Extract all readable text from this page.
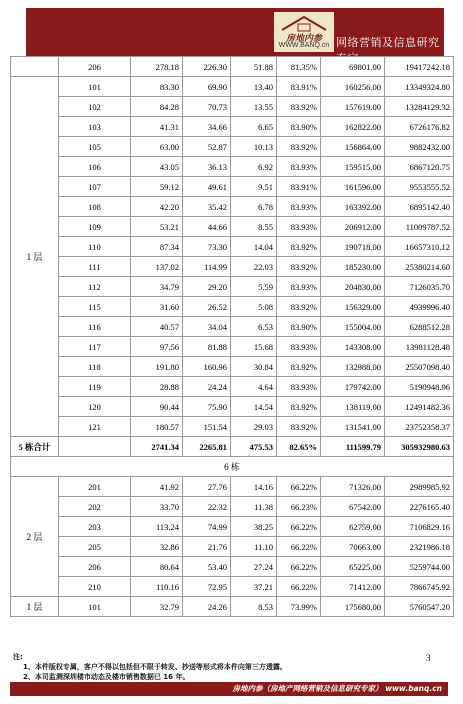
房地内参
WWW.BANQ.cn 网络营销及信息研究专家
	206	278.18	226.30	51.88	81.35%	69801.00	19417242.18
1 层	101	83.30	69.90	13.40	83.91%	160256.00	13349324.80
	102	84.28	70.73	13.55	83.92%	157619.00	13284129.32
	103	41.31	34.66	6.65	83.90%	162822.00	6726176.82
	105	63.00	52.87	10.13	83.92%	156864.00	9882432.00
	106	43.05	36.13	6.92	83.93%	159515.00	6867120.75
	107	59.12	49.61	9.51	83.91%	161596.00	9553555.52
	108	42.20	35.42	6.78	83.93%	163392.00	6895142.40
	109	53.21	44.66	8.55	83.93%	206912.00	11009787.52
	110	87.34	73.30	14.04	83.92%	190718.00	16657310.12
	111	137.02	114.99	22.03	83.92%	185230.00	25380214.60
	112	34.79	29.20	5.59	83.93%	204830.00	7126035.70
	115	31.60	26.52	5.08	83.92%	156329.00	4939996.40
	116	40.57	34.04	6.53	83.90%	155004.00	6288512.28
	117	97.56	81.88	15.68	83.93%	143308.00	13981128.48
	118	191.80	160.96	30.84	83.92%	132988.00	25507098.40
	119	28.88	24.24	4.64	83.93%	179742.00	5190948.96
	120	90.44	75.90	14.54	83.92%	138119.00	12491482.36
	121	180.57	151.54	29.03	83.92%	131541.00	23752358.37
5 栋合计		2741.34	2265.81	475.53	82.65%	111599.79	305932980.63
6 栋							
2 层	201	41.92	27.76	14.16	66.22%	71326.00	2989985.92
	202	33.70	22.32	11.38	66.23%	67542.00	2276165.40
	203	113.24	74.99	38.25	66.22%	62759.00	7106829.16
	205	32.86	21.76	11.10	66.22%	70663.00	2321986.18
	206	80.64	53.40	27.24	66.22%	65225.00	5259744.00
	210	110.16	72.95	37.21	66.22%	71412.00	7866745.92
1 层	101	32.79	24.26	8.53	73.99%	175680.00	5760547.20
注:
1、本件版权专属，客户不得以包括但不限于转发、抄送等形式将本件向第三方透露。
2、本司监测深圳楼市动态及楼市销售数据已 16 年。
3
房地内参（房地产网络营销及信息研究专家） www.banq.cn
